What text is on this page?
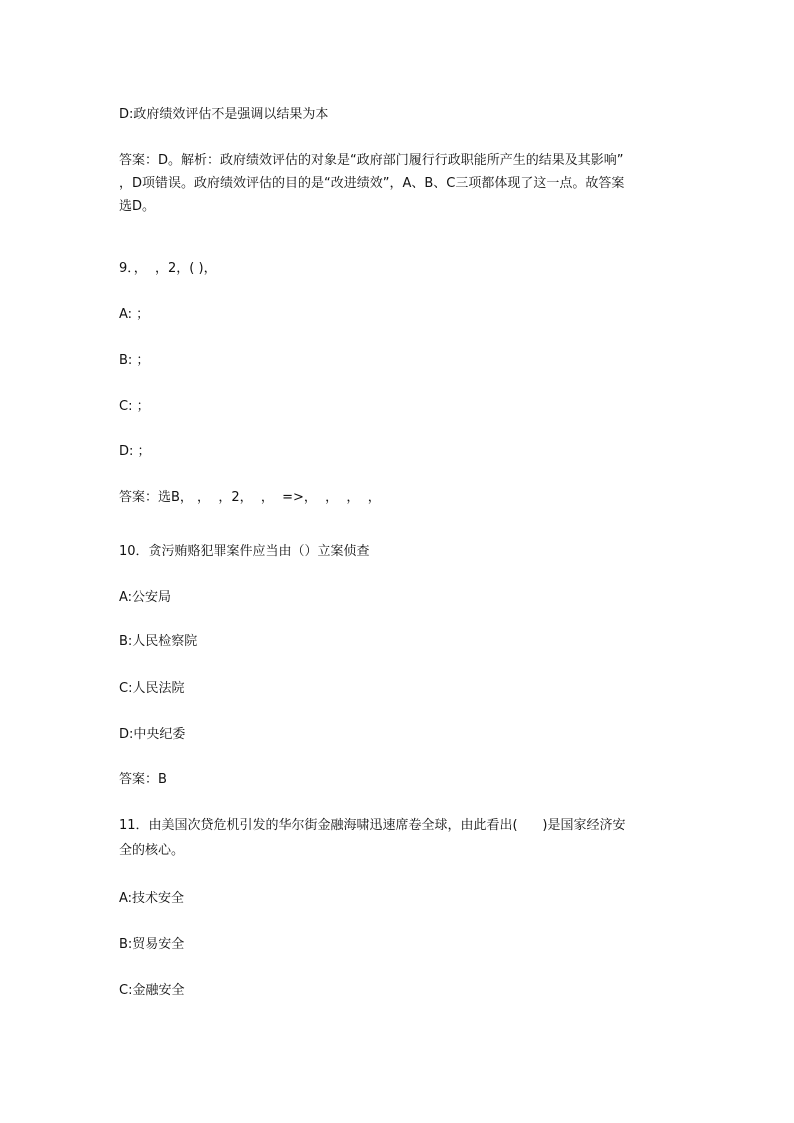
D:政府绩效评估不是强调以结果为本
答案：D。解析：政府绩效评估的对象是“政府部门履行行政职能所产生的结果及其影响”
，D项错误。政府绩效评估的目的是“改进绩效”，A、B、C三项都体现了这一点。故答案
选D。
9．，  ，2，( )，
A: ；
B: ；
C: ；
D: ；
答案：选B， ，  ，2，  ，  =>，  ，  ，  ，
10．贪污贿赂犯罪案件应当由（）立案侦查
A:公安局
B:人民检察院
C:人民法院
D:中央纪委
答案：B
11．由美国次贷危机引发的华尔街金融海啸迅速席卷全球，由此看出(      )是国家经济安
全的核心。
A:技术安全
B:贸易安全
C:金融安全
